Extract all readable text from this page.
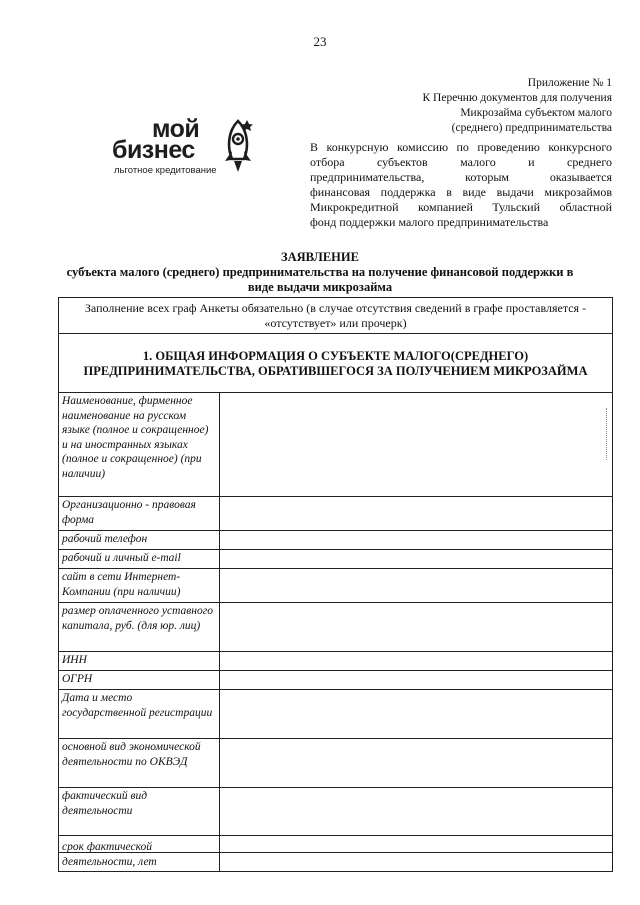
23
Приложение № 1
К Перечню документов для получения
Микрозайма субъектом малого
(среднего) предпринимательства
мой
бизнес
льготное кредитование
В конкурсную комиссию по проведению конкурсного
отбора субъектов малого и среднего
предпринимательства, которым оказывается
финансовая поддержка в виде выдачи микрозаймов
Микрокредитной компанией Тульский областной
фонд поддержки малого предпринимательства
ЗАЯВЛЕНИЕ
субъекта малого (среднего) предпринимательства на получение финансовой поддержки в
виде выдачи микрозайма
Заполнение всех граф Анкеты обязательно (в случае отсутствия сведений в графе проставляется -
«отсутствует» или прочерк)
1. ОБЩАЯ ИНФОРМАЦИЯ О СУБЪЕКТЕ МАЛОГО(СРЕДНЕГО)
ПРЕДПРИНИМАТЕЛЬСТВА, ОБРАТИВШЕГОСЯ ЗА ПОЛУЧЕНИЕМ МИКРОЗАЙМА
Наименование, фирменное наименование на русском языке (полное и сокращенное) и на иностранных языках (полное и сокращенное) (при наличии)	
Организационно - правовая форма	
рабочий телефон	
рабочий и личный e-mail	
сайт в сети Интернет- Компании (при наличии)	
размер оплаченного уставного капитала, руб. (для юр. лиц)	
ИНН	
ОГРН	
Дата и место государственной регистрации	
основной вид экономической деятельности по ОКВЭД	
фактический вид деятельности	
срок фактической деятельности, лет	
